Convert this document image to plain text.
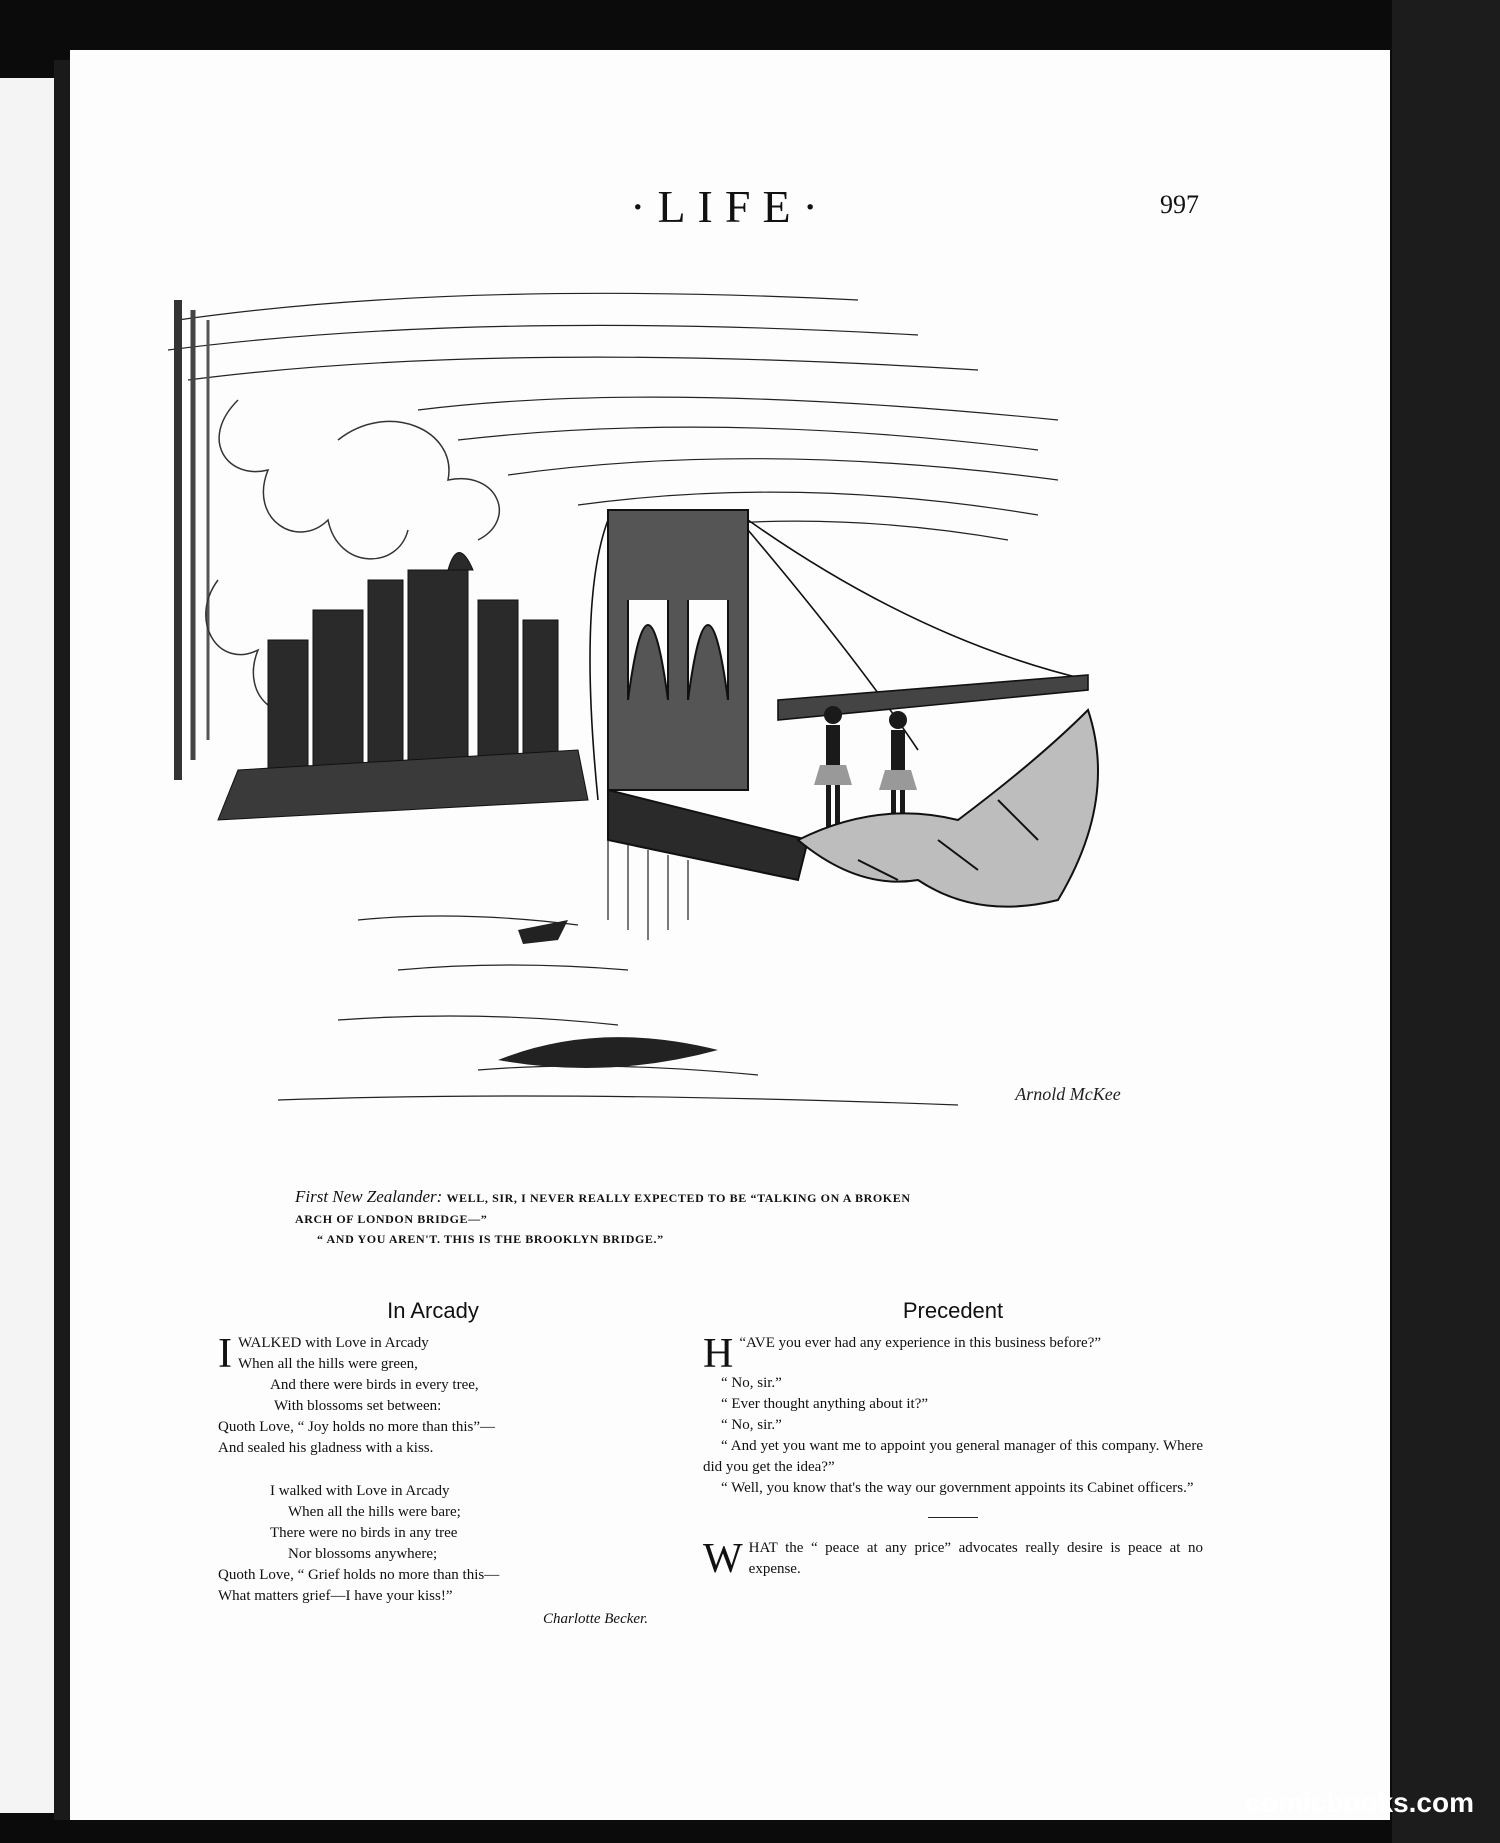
·LIFE·	997
Arnold McKee
First New Zealander: WELL, SIR, I NEVER REALLY EXPECTED TO BE “TALKING ON A BROKEN
ARCH OF LONDON BRIDGE—”
“ AND YOU AREN'T. THIS IS THE BROOKLYN BRIDGE.”
In Arcady
I WALKED with Love in Arcady
When all the hills were green,
And there were birds in every tree,
With blossoms set between:
Quoth Love, “ Joy holds no more than this”—
And sealed his gladness with a kiss.
I walked with Love in Arcady
When all the hills were bare;
There were no birds in any tree
Nor blossoms anywhere;
Quoth Love, “ Grief holds no more than this—
What matters grief—I have your kiss!”
Charlotte Becker.
Precedent

“
H AVE you ever had any experience in this business before?”

“ No, sir.”

“ Ever thought anything about it?”

“ No, sir.”

“ And yet you want me to appoint you general manager of this company. Where did you get the idea?”

“ Well, you know that's the way our government appoints its Cabinet officers.”

WHAT the “ peace at any price” advocates really desire is peace at no expense.

comicbooks.com
